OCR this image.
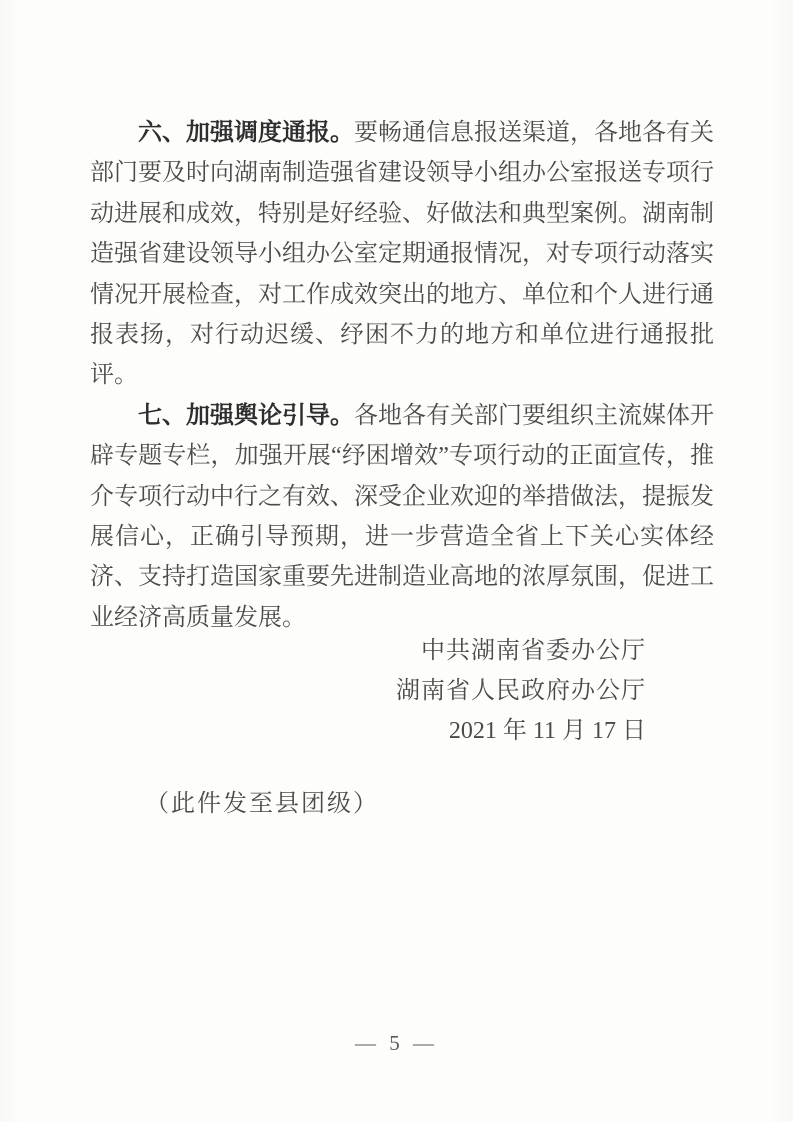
六、加强调度通报。要畅通信息报送渠道，各地各有关部门要及时向湖南制造强省建设领导小组办公室报送专项行动进展和成效，特别是好经验、好做法和典型案例。湖南制造强省建设领导小组办公室定期通报情况，对专项行动落实情况开展检查，对工作成效突出的地方、单位和个人进行通报表扬，对行动迟缓、纾困不力的地方和单位进行通报批评。

七、加强舆论引导。各地各有关部门要组织主流媒体开辟专题专栏，加强开展“纾困增效”专项行动的正面宣传，推介专项行动中行之有效、深受企业欢迎的举措做法，提振发展信心，正确引导预期，进一步营造全省上下关心实体经济、支持打造国家重要先进制造业高地的浓厚氛围，促进工业经济高质量发展。

中共湖南省委办公厅
湖南省人民政府办公厅
2021 年 11 月 17 日
（此件发至县团级）
— 5 —
